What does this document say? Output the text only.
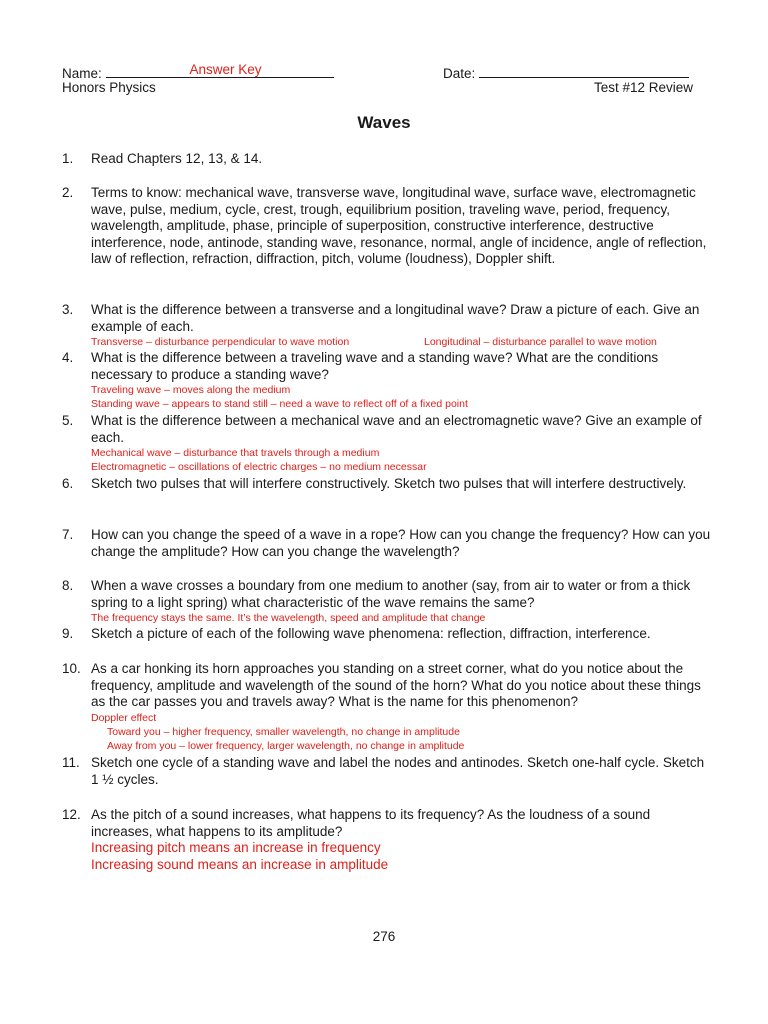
Name:	Answer Key	Date:
Honors Physics	Test #12 Review
Waves
1. Read Chapters 12, 13, & 14.
2. Terms to know: mechanical wave, transverse wave, longitudinal wave, surface wave, electromagnetic wave, pulse, medium, cycle, crest, trough, equilibrium position, traveling wave, period, frequency, wavelength, amplitude, phase, principle of superposition, constructive interference, destructive interference, node, antinode, standing wave, resonance, normal, angle of incidence, angle of reflection, law of reflection, refraction, diffraction, pitch, volume (loudness), Doppler shift.
3. What is the difference between a transverse and a longitudinal wave? Draw a picture of each. Give an example of each.
Transverse – disturbance perpendicular to wave motion	Longitudinal – disturbance parallel to wave motion
4. What is the difference between a traveling wave and a standing wave? What are the conditions necessary to produce a standing wave?
Traveling wave – moves along the medium
Standing wave – appears to stand still – need a wave to reflect off of a fixed point
5. What is the difference between a mechanical wave and an electromagnetic wave? Give an example of each.
Mechanical wave – disturbance that travels through a medium
Electromagnetic – oscillations of electric charges – no medium necessar
6. Sketch two pulses that will interfere constructively. Sketch two pulses that will interfere destructively.
7. How can you change the speed of a wave in a rope? How can you change the frequency? How can you change the amplitude? How can you change the wavelength?
8. When a wave crosses a boundary from one medium to another (say, from air to water or from a thick spring to a light spring) what characteristic of the wave remains the same?
The frequency stays the same. It’s the wavelength, speed and amplitude that change
9. Sketch a picture of each of the following wave phenomena: reflection, diffraction, interference.
10. As a car honking its horn approaches you standing on a street corner, what do you notice about the frequency, amplitude and wavelength of the sound of the horn? What do you notice about these things as the car passes you and travels away? What is the name for this phenomenon?
Doppler effect
Toward you – higher frequency, smaller wavelength, no change in amplitude
Away from you – lower frequency, larger wavelength, no change in amplitude
11. Sketch one cycle of a standing wave and label the nodes and antinodes. Sketch one-half cycle. Sketch 1 ½ cycles.
12. As the pitch of a sound increases, what happens to its frequency? As the loudness of a sound increases, what happens to its amplitude?
Increasing pitch means an increase in frequency
Increasing sound means an increase in amplitude
276
